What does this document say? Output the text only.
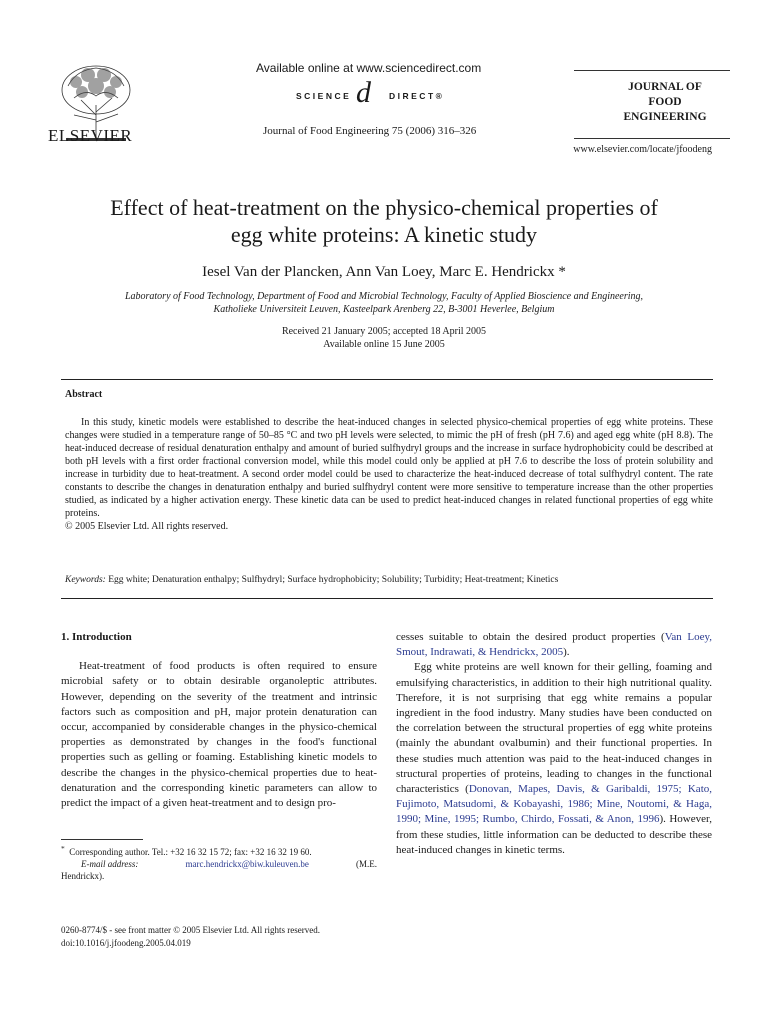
ELSEVIER
Available online at www.sciencedirect.com
SCIENCE d DIRECT®
Journal of Food Engineering 75 (2006) 316–326
JOURNAL OF
FOOD
ENGINEERING
www.elsevier.com/locate/jfoodeng
Effect of heat-treatment on the physico-chemical properties of
egg white proteins: A kinetic study
Iesel Van der Plancken, Ann Van Loey, Marc E. Hendrickx *
Laboratory of Food Technology, Department of Food and Microbial Technology, Faculty of Applied Bioscience and Engineering,
Katholieke Universiteit Leuven, Kasteelpark Arenberg 22, B-3001 Heverlee, Belgium
Received 21 January 2005; accepted 18 April 2005
Available online 15 June 2005
Abstract

In this study, kinetic models were established to describe the heat-induced changes in selected physico-chemical properties of egg white proteins. These changes were studied in a temperature range of 50–85 °C and two pH levels were selected, to mimic the pH of fresh (pH 7.6) and aged egg white (pH 8.8). The heat-induced decrease of residual denaturation enthalpy and amount of buried sulfhydryl groups and the increase in surface hydrophobicity could be described at both pH levels with a first order fractional conversion model, while this model could only be applied at pH 7.6 to describe the loss of protein solubility and increase in turbidity due to heat-treatment. A second order model could be used to characterize the heat-induced decrease of total sulfhydryl content. The rate constants to describe the changes in denaturation enthalpy and buried sulfhydryl content were more sensitive to temperature increase than the other properties studied, as indicated by a higher activation energy. These kinetic data can be used to predict heat-induced changes in related functional properties of egg white proteins.

© 2005 Elsevier Ltd. All rights reserved.

Keywords: Egg white; Denaturation enthalpy; Sulfhydryl; Surface hydrophobicity; Solubility; Turbidity; Heat-treatment; Kinetics

1. Introduction

Heat-treatment of food products is often required to ensure microbial safety or to obtain desirable organoleptic attributes. However, depending on the severity of the treatment and intrinsic factors such as composition and pH, major protein denaturation can occur, accompanied by considerable changes in the physico-chemical properties as demonstrated by changes in the food's functional properties such as gelling or foaming. Establishing kinetic models to describe the changes in the physico-chemical properties due to heat-denaturation and the corresponding kinetic parameters can allow to predict the impact of a given heat-treatment and to design pro-

cesses suitable to obtain the desired product properties (Van Loey, Smout, Indrawati, & Hendrickx, 2005).

Egg white proteins are well known for their gelling, foaming and emulsifying characteristics, in addition to their high nutritional quality. Therefore, it is not surprising that egg white remains a popular ingredient in the food industry. Many studies have been conducted on the correlation between the structural properties of egg white proteins (mainly the abundant ovalbumin) and their functional properties. In these studies much attention was paid to the heat-induced changes in structural properties of proteins, leading to changes in the functional characteristics (Donovan, Mapes, Davis, & Garibaldi, 1975; Kato, Fujimoto, Matsudomi, & Kobayashi, 1986; Mine, Noutomi, & Haga, 1990; Mine, 1995; Rumbo, Chirdo, Fossati, & Anon, 1996). However, from these studies, little information can be deducted to describe these heat-induced changes in kinetic terms.

* Corresponding author. Tel.: +32 16 32 15 72; fax: +32 16 32 19 60.

E-mail address:	marc.hendrickx@biw.kuleuven.be	(M.E.

Hendrickx).

0260-8774/$ - see front matter © 2005 Elsevier Ltd. All rights reserved.
doi:10.1016/j.jfoodeng.2005.04.019
